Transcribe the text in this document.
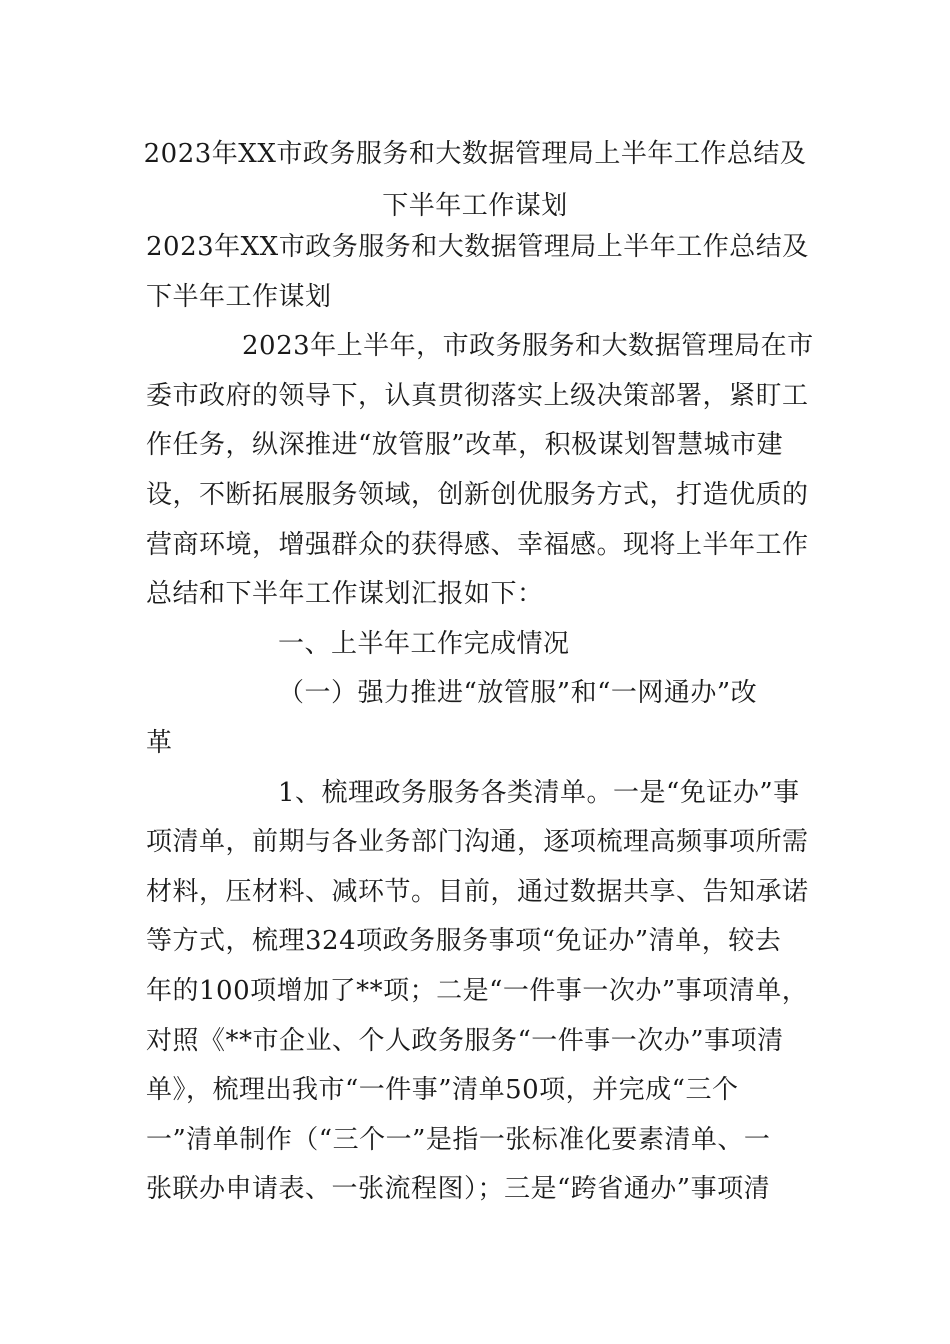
2023年XX市政务服务和大数据管理局上半年工作总结及
下半年工作谋划
2023年XX市政务服务和大数据管理局上半年工作总结及
下半年工作谋划
2023年上半年，市政务服务和大数据管理局在市
委市政府的领导下，认真贯彻落实上级决策部署，紧盯工
作任务，纵深推进“放管服”改革，积极谋划智慧城市建
设，不断拓展服务领域，创新创优服务方式，打造优质的
营商环境，增强群众的获得感、幸福感。现将上半年工作
总结和下半年工作谋划汇报如下：
一、上半年工作完成情况
（一）强力推进“放管服”和“一网通办”改
革
1、梳理政务服务各类清单。一是“免证办”事
项清单，前期与各业务部门沟通，逐项梳理高频事项所需
材料，压材料、减环节。目前，通过数据共享、告知承诺
等方式，梳理324项政务服务事项“免证办”清单，较去
年的100项增加了**项；二是“一件事一次办”事项清单，
对照《**市企业、个人政务服务“一件事一次办”事项清
单》，梳理出我市“一件事”清单50项，并完成“三个
一”清单制作（“三个一”是指一张标准化要素清单、一
张联办申请表、一张流程图）；三是“跨省通办”事项清
